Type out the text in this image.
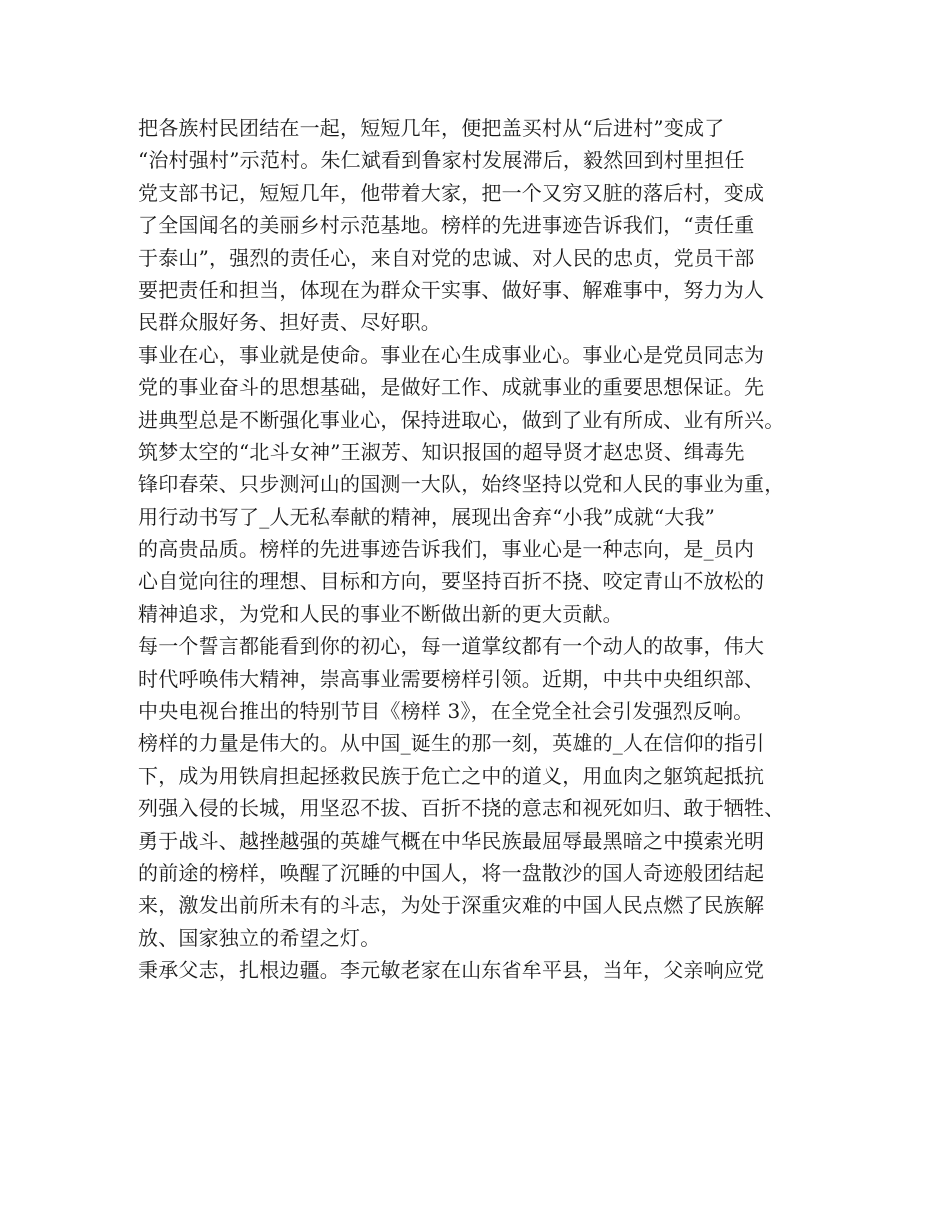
把各族村民团结在一起，短短几年，便把盖买村从“后进村”变成了
“治村强村”示范村。朱仁斌看到鲁家村发展滞后，毅然回到村里担任
党支部书记，短短几年，他带着大家，把一个又穷又脏的落后村，变成
了全国闻名的美丽乡村示范基地。榜样的先进事迹告诉我们，“责任重
于泰山”，强烈的责任心，来自对党的忠诚、对人民的忠贞，党员干部
要把责任和担当，体现在为群众干实事、做好事、解难事中，努力为人
民群众服好务、担好责、尽好职。
事业在心，事业就是使命。事业在心生成事业心。事业心是党员同志为
党的事业奋斗的思想基础，是做好工作、成就事业的重要思想保证。先
进典型总是不断强化事业心，保持进取心，做到了业有所成、业有所兴。
筑梦太空的“北斗女神”王淑芳、知识报国的超导贤才赵忠贤、缉毒先
锋印春荣、只步测河山的国测一大队，始终坚持以党和人民的事业为重，
用行动书写了_人无私奉献的精神，展现出舍弃“小我”成就“大我”
的高贵品质。榜样的先进事迹告诉我们，事业心是一种志向，是_员内
心自觉向往的理想、目标和方向，要坚持百折不挠、咬定青山不放松的
精神追求，为党和人民的事业不断做出新的更大贡献。
每一个誓言都能看到你的初心，每一道掌纹都有一个动人的故事，伟大
时代呼唤伟大精神，崇高事业需要榜样引领。近期，中共中央组织部、
中央电视台推出的特别节目《榜样 3》，在全党全社会引发强烈反响。
榜样的力量是伟大的。从中国_诞生的那一刻，英雄的_人在信仰的指引
下，成为用铁肩担起拯救民族于危亡之中的道义，用血肉之躯筑起抵抗
列强入侵的长城，用坚忍不拔、百折不挠的意志和视死如归、敢于牺牲、
勇于战斗、越挫越强的英雄气概在中华民族最屈辱最黑暗之中摸索光明
的前途的榜样，唤醒了沉睡的中国人，将一盘散沙的国人奇迹般团结起
来，激发出前所未有的斗志，为处于深重灾难的中国人民点燃了民族解
放、国家独立的希望之灯。
秉承父志，扎根边疆。李元敏老家在山东省牟平县，当年，父亲响应党
